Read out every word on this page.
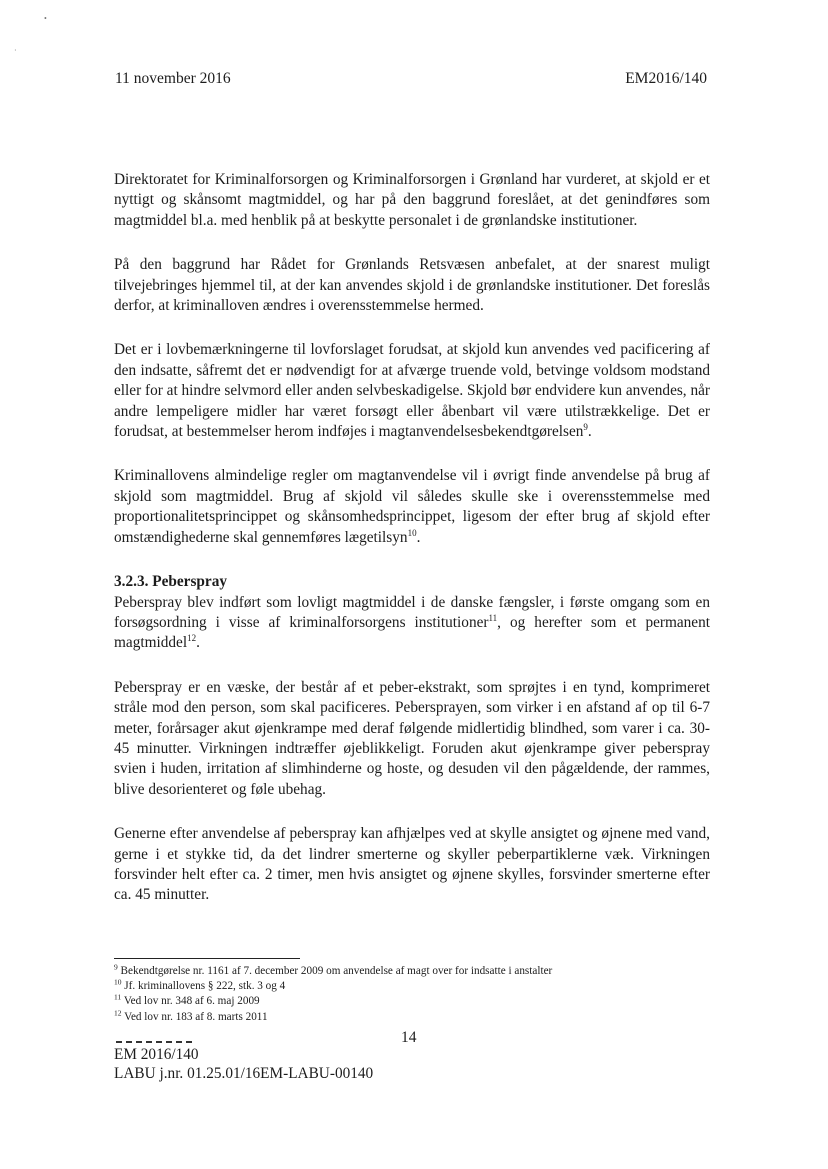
•
·
11 november 2016	EM2016/140

Direktoratet for Kriminalforsorgen og Kriminalforsorgen i Grønland har vurderet, at skjold er et nyttigt og skånsomt magtmiddel, og har på den baggrund foreslået, at det genindføres som magtmiddel bl.a. med henblik på at beskytte personalet i de grønlandske institutioner.

På den baggrund har Rådet for Grønlands Retsvæsen anbefalet, at der snarest muligt tilvejebringes hjemmel til, at der kan anvendes skjold i de grønlandske institutioner. Det foreslås derfor, at kriminalloven ændres i overensstemmelse hermed.

Det er i lovbemærkningerne til lovforslaget forudsat, at skjold kun anvendes ved pacificering af den indsatte, såfremt det er nødvendigt for at afværge truende vold, betvinge voldsom modstand eller for at hindre selvmord eller anden selvbeskadigelse. Skjold bør endvidere kun anvendes, når andre lempeligere midler har været forsøgt eller åbenbart vil være utilstrækkelige. Det er forudsat, at bestemmelser herom indføjes i magtanvendelsesbekendtgørelsen$^9$.

Kriminallovens almindelige regler om magtanvendelse vil i øvrigt finde anvendelse på brug af skjold som magtmiddel. Brug af skjold vil således skulle ske i overensstemmelse med proportionalitetsprincippet og skånsomhedsprincippet, ligesom der efter brug af skjold efter omstændighederne skal gennemføres lægetilsyn$^{10}$.

3.2.3. Peberspray

Peberspray blev indført som lovligt magtmiddel i de danske fængsler, i første omgang som en forsøgsordning i visse af kriminalforsorgens institutioner$^{11}$, og herefter som et permanent magtmiddel$^{12}$.

Peberspray er en væske, der består af et peber-ekstrakt, som sprøjtes i en tynd, komprimeret stråle mod den person, som skal pacificeres. Pebersprayen, som virker i en afstand af op til 6-7 meter, forårsager akut øjenkrampe med deraf følgende midlertidig blindhed, som varer i ca. 30-45 minutter. Virkningen indtræffer øjeblikkeligt. Foruden akut øjenkrampe giver peberspray svien i huden, irritation af slimhinderne og hoste, og desuden vil den pågældende, der rammes, blive desorienteret og føle ubehag.

Generne efter anvendelse af peberspray kan afhjælpes ved at skylle ansigtet og øjnene med vand, gerne i et stykke tid, da det lindrer smerterne og skyller peberpartiklerne væk. Virkningen forsvinder helt efter ca. 2 timer, men hvis ansigtet og øjnene skylles, forsvinder smerterne efter ca. 45 minutter.

$^9$ Bekendtgørelse nr. 1161 af 7. december 2009 om anvendelse af magt over for indsatte i anstalter
$^{10}$ Jf. kriminallovens § 222, stk. 3 og 4
$^{11}$ Ved lov nr. 348 af 6. maj 2009
$^{12}$ Ved lov nr. 183 af 8. marts 2011
14
EM 2016/140
LABU j.nr. 01.25.01/16EM-LABU-00140
